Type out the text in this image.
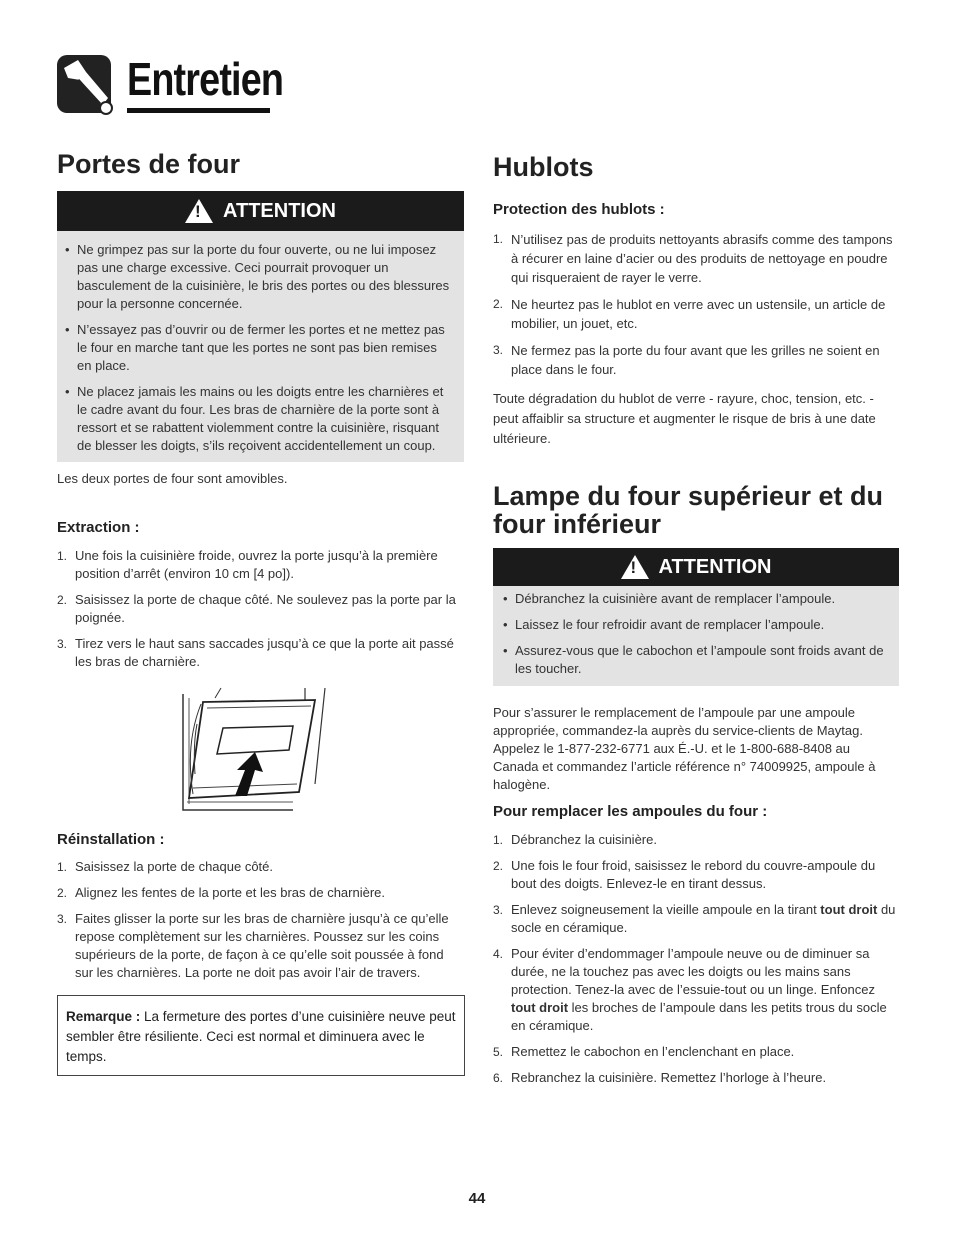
Entretien
Portes de four
! ATTENTION
• Ne grimpez pas sur la porte du four ouverte, ou ne lui imposez pas une charge excessive. Ceci pourrait provoquer un basculement de la cuisinière, le bris des portes ou des blessures pour la personne concernée.
• N’essayez pas d’ouvrir ou de fermer les portes et ne mettez pas le four en marche tant que les portes ne sont pas bien remises en place.
• Ne placez jamais les mains ou les doigts entre les charnières et le cadre avant du four. Les bras de charnière de la porte sont à ressort et se rabattent violemment contre la cuisinière, risquant de blesser les doigts, s’ils reçoivent accidentellement un coup.
Les deux portes de four sont amovibles.
Extraction :
1. Une fois la cuisinière froide, ouvrez la porte jusqu’à la première position d’arrêt (environ 10 cm [4 po]).
2. Saisissez la porte de chaque côté. Ne soulevez pas la porte par la poignée.
3. Tirez vers le haut sans saccades jusqu’à ce que la porte ait passé les bras de charnière.
Réinstallation :
1. Saisissez la porte de chaque côté.
2. Alignez les fentes de la porte et les bras de charnière.
3. Faites glisser la porte sur les bras de charnière jusqu’à ce qu’elle repose complètement sur les charnières. Poussez sur les coins supérieurs de la porte, de façon à ce qu’elle soit poussée à fond sur les charnières. La porte ne doit pas avoir l’air de travers.
Remarque : La fermeture des portes d’une cuisinière neuve peut sembler être résiliente. Ceci est normal et diminuera avec le temps.
Hublots
Protection des hublots :
1. N’utilisez pas de produits nettoyants abrasifs comme des tampons à récurer en laine d’acier ou des produits de nettoyage en poudre qui risqueraient de rayer le verre.
2. Ne heurtez pas le hublot en verre avec un ustensile, un article de mobilier, un jouet, etc.
3. Ne fermez pas la porte du four avant que les grilles ne soient en place dans le four.
Toute dégradation du hublot de verre - rayure, choc, tension, etc. - peut affaiblir sa structure et augmenter le risque de bris à une date ultérieure.
Lampe du four supérieur et du
four inférieur
! ATTENTION
• Débranchez la cuisinière avant de remplacer l’ampoule.
• Laissez le four refroidir avant de remplacer l’ampoule.
• Assurez-vous que le cabochon et l’ampoule sont froids avant de les toucher.
Pour s’assurer le remplacement de l’ampoule par une ampoule appropriée, commandez-la auprès du service-clients de Maytag. Appelez le 1-877-232-6771 aux É.-U. et le 1-800-688-8408 au Canada et commandez l’article référence n° 74009925, ampoule à halogène.
Pour remplacer les ampoules du four :
1. Débranchez la cuisinière.
2. Une fois le four froid, saisissez le rebord du couvre-ampoule du bout des doigts. Enlevez-le en tirant dessus.
3. Enlevez soigneusement la vieille ampoule en la tirant tout droit du socle en céramique.
4. Pour éviter d’endommager l’ampoule neuve ou de diminuer sa durée, ne la touchez pas avec les doigts ou les mains sans protection. Tenez-la avec de l’essuie-tout ou un linge. Enfoncez tout droit les broches de l’ampoule dans les petits trous du socle en céramique.
5. Remettez le cabochon en l’enclenchant en place.
6. Rebranchez la cuisinière. Remettez l’horloge à l’heure.
44
